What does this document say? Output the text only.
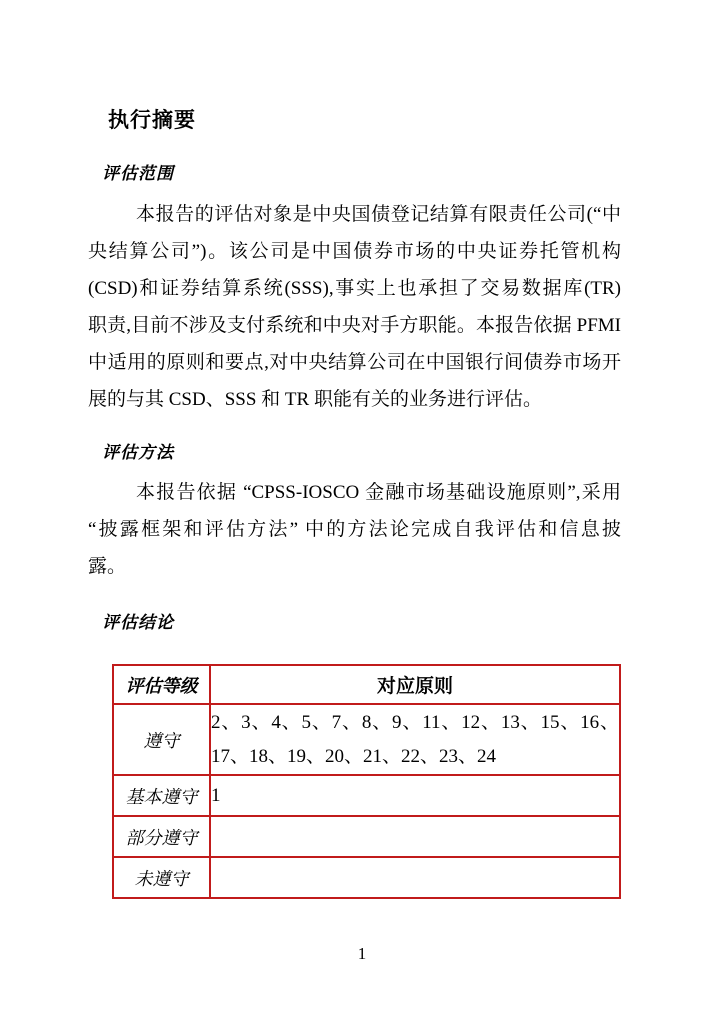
执行摘要
评估范围
本报告的评估对象是中央国债登记结算有限责任公司(“中
央结算公司”)。该公司是中国债券市场的中央证券托管机构
(CSD)和证券结算系统(SSS),事实上也承担了交易数据库(TR)
职责,目前不涉及支付系统和中央对手方职能。本报告依据 PFMI
中适用的原则和要点,对中央结算公司在中国银行间债券市场开
展的与其 CSD、SSS 和 TR 职能有关的业务进行评估。
评估方法
本报告依据 “CPSS-IOSCO 金融市场基础设施原则”,采用
“披露框架和评估方法” 中的方法论完成自我评估和信息披
露。
评估结论
评估等级	对应原则
遵守	2、3、4、5、7、8、9、11、12、13、15、16、
17、18、19、20、21、22、23、24

基本遵守	1

部分遵守	
未遵守	
1
